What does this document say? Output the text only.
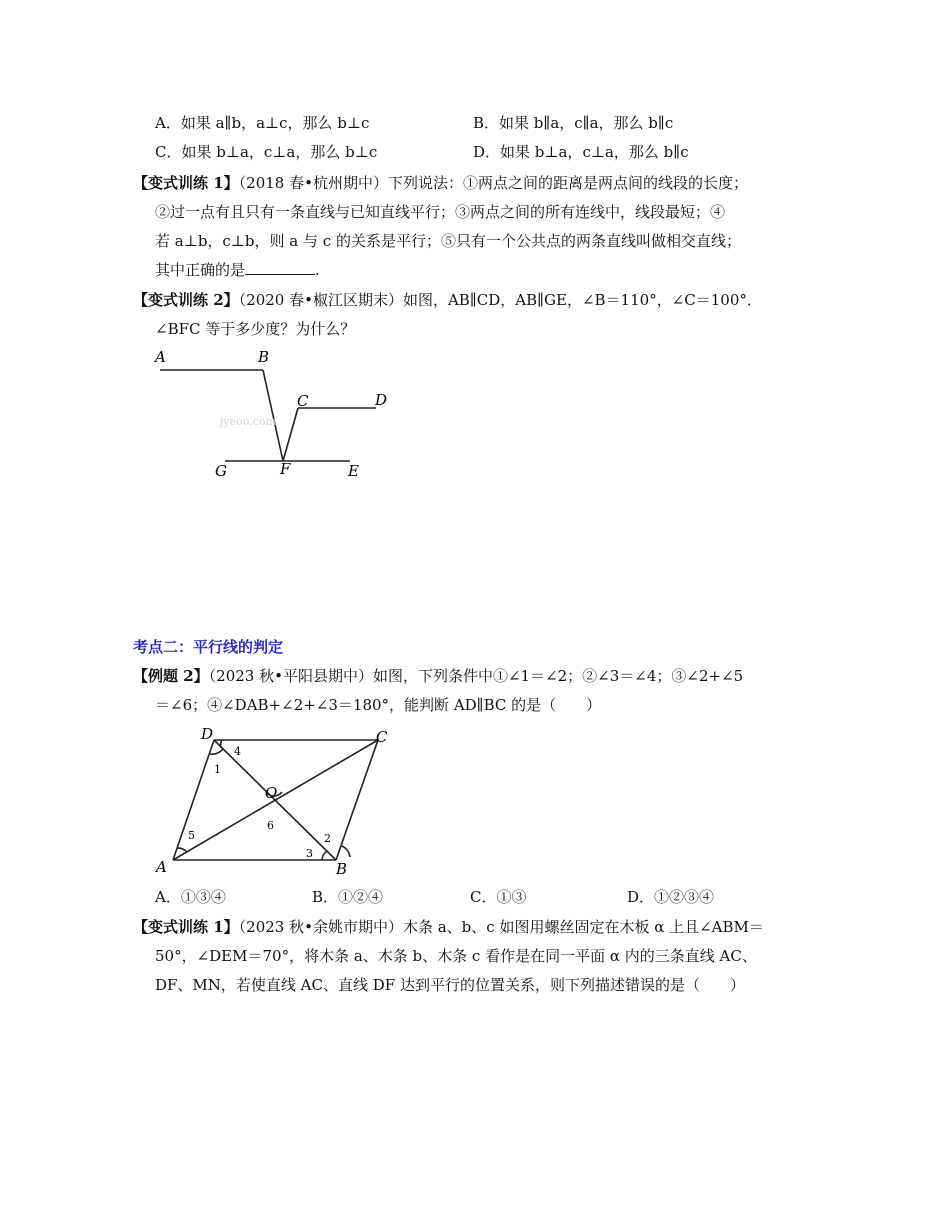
A．如果 a∥b，a⊥c，那么 b⊥c	B．如果 b∥a，c∥a，那么 b∥c
C．如果 b⊥a，c⊥a，那么 b⊥c	D．如果 b⊥a，c⊥a，那么 b∥c
【变式训练 1】（2018 春•杭州期中）下列说法：①两点之间的距离是两点间的线段的长度；
②过一点有且只有一条直线与已知直线平行；③两点之间的所有连线中，线段最短；④
若 a⊥b，c⊥b，则 a 与 c 的关系是平行；⑤只有一个公共点的两条直线叫做相交直线；
其中正确的是	.
【变式训练 2】（2020 春•椒江区期末）如图，AB∥CD，AB∥GE，∠B＝110°，∠C＝100°．
∠BFC 等于多少度？为什么？
jyeoo.com
A	B
C	D
G	F	E
考点二：平行线的判定
【例题 2】（2023 秋•平阳县期中）如图，下列条件中①∠1＝∠2；②∠3＝∠4；③∠2+∠5
＝∠6；④∠DAB+∠2+∠3＝180°，能判断 AD∥BC 的是（　　）
D	C
A	B
O
1
4
5
6
2
3
A．①③④	B．①②④	C．①③	D．①②③④
【变式训练 1】（2023 秋•余姚市期中）木条 a、b、c 如图用螺丝固定在木板 α 上且∠ABM＝
50°，∠DEM＝70°，将木条 a、木条 b、木条 c 看作是在同一平面 α 内的三条直线 AC、
DF、MN，若使直线 AC、直线 DF 达到平行的位置关系，则下列描述错误的是（　　）
